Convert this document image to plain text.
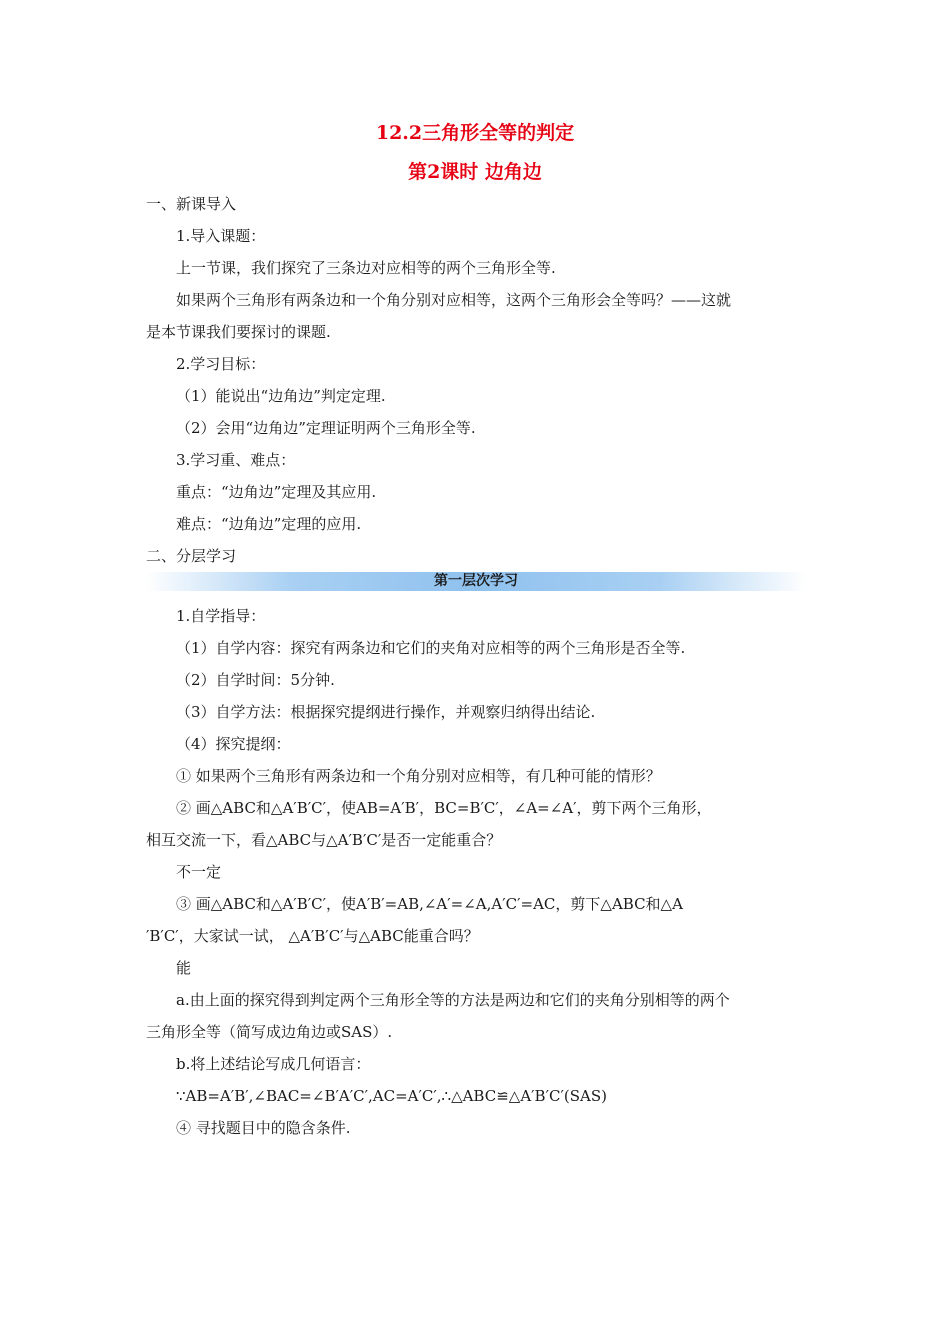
12.2三角形全等的判定
第2课时 边角边
一、新课导入
1.导入课题：
上一节课，我们探究了三条边对应相等的两个三角形全等.
如果两个三角形有两条边和一个角分别对应相等，这两个三角形会全等吗？——这就
是本节课我们要探讨的课题.
2.学习目标：
（1）能说出“边角边”判定定理.
（2）会用“边角边”定理证明两个三角形全等.
3.学习重、难点：
重点：“边角边”定理及其应用.
难点：“边角边”定理的应用.
二、分层学习
第一层次学习
1.自学指导：
（1）自学内容：探究有两条边和它们的夹角对应相等的两个三角形是否全等.
（2）自学时间：5分钟.
（3）自学方法：根据探究提纲进行操作，并观察归纳得出结论.
（4）探究提纲：
① 如果两个三角形有两条边和一个角分别对应相等，有几种可能的情形？
② 画△ABC和△A′B′C′，使AB=A′B′，BC=B′C′，∠A=∠A′，剪下两个三角形，
相互交流一下，看△ABC与△A′B′C′是否一定能重合？
不一定
③ 画△ABC和△A′B′C′，使A′B′=AB,∠A′=∠A,A′C′=AC，剪下△ABC和△A
′B′C′，大家试一试， △A′B′C′与△ABC能重合吗？
能
a.由上面的探究得到判定两个三角形全等的方法是两边和它们的夹角分别相等的两个
三角形全等（简写成边角边或SAS）.
b.将上述结论写成几何语言：
∵AB=A′B′,∠BAC=∠B′A′C′,AC=A′C′,∴△ABC≌△A′B′C′(SAS)
④ 寻找题目中的隐含条件.
